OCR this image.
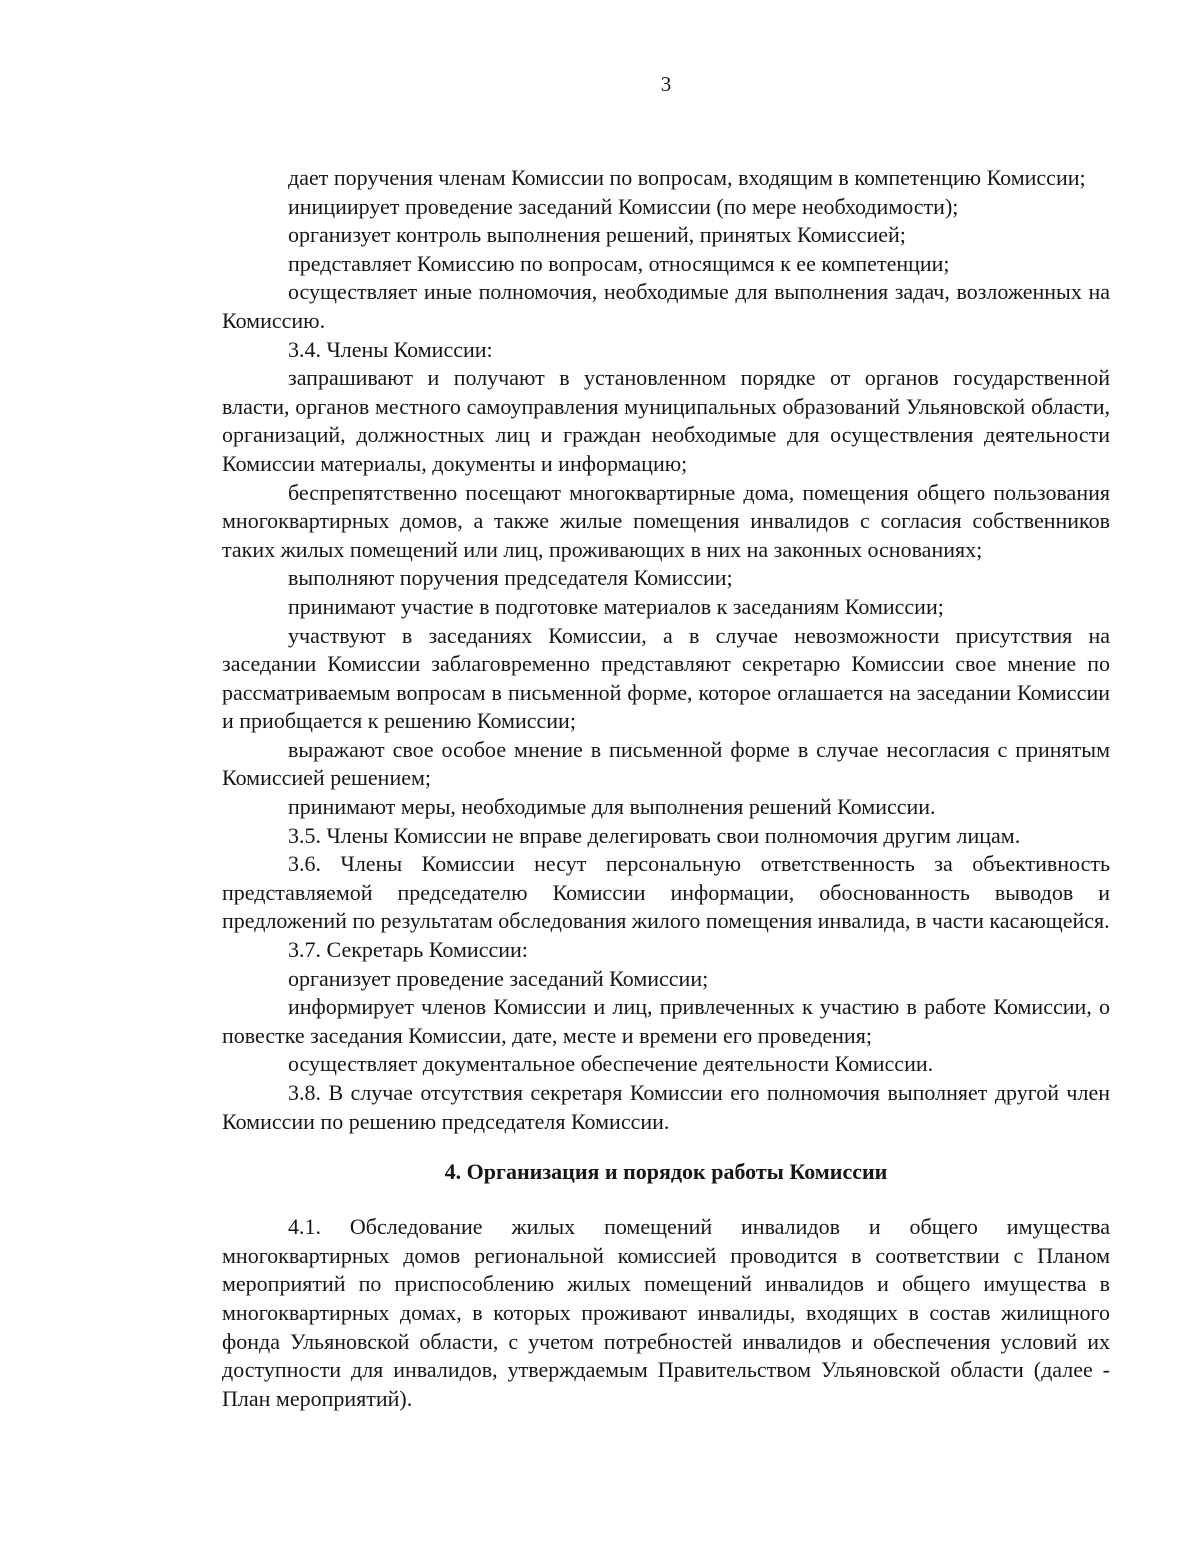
3

дает поручения членам Комиссии по вопросам, входящим в компетенцию Комиссии;

инициирует проведение заседаний Комиссии (по мере необходимости);

организует контроль выполнения решений, принятых Комиссией;

представляет Комиссию по вопросам, относящимся к ее компетенции;

осуществляет иные полномочия, необходимые для выполнения задач, возложенных на Комиссию.

3.4. Члены Комиссии:

запрашивают и получают в установленном порядке от органов государственной власти, органов местного самоуправления муниципальных образований Ульяновской области, организаций, должностных лиц и граждан необходимые для осуществления деятельности Комиссии материалы, документы и информацию;

беспрепятственно посещают многоквартирные дома, помещения общего пользования многоквартирных домов, а также жилые помещения инвалидов с согласия собственников таких жилых помещений или лиц, проживающих в них на законных основаниях;

выполняют поручения председателя Комиссии;

принимают участие в подготовке материалов к заседаниям Комиссии;

участвуют в заседаниях Комиссии, а в случае невозможности присутствия на заседании Комиссии заблаговременно представляют секретарю Комиссии свое мнение по рассматриваемым вопросам в письменной форме, которое оглашается на заседании Комиссии и приобщается к решению Комиссии;

выражают свое особое мнение в письменной форме в случае несогласия с принятым Комиссией решением;

принимают меры, необходимые для выполнения решений Комиссии.

3.5. Члены Комиссии не вправе делегировать свои полномочия другим лицам.

3.6. Члены Комиссии несут персональную ответственность за объективность представляемой председателю Комиссии информации, обоснованность выводов и предложений по результатам обследования жилого помещения инвалида, в части касающейся.

3.7. Секретарь Комиссии:

организует проведение заседаний Комиссии;

информирует членов Комиссии и лиц, привлеченных к участию в работе Комиссии, о повестке заседания Комиссии, дате, месте и времени его проведения;

осуществляет документальное обеспечение деятельности Комиссии.

3.8. В случае отсутствия секретаря Комиссии его полномочия выполняет другой член Комиссии по решению председателя Комиссии.

4. Организация и порядок работы Комиссии

4.1. Обследование жилых помещений инвалидов и общего имущества многоквартирных домов региональной комиссией проводится в соответствии с Планом мероприятий по приспособлению жилых помещений инвалидов и общего имущества в многоквартирных домах, в которых проживают инвалиды, входящих в состав жилищного фонда Ульяновской области, с учетом потребностей инвалидов и обеспечения условий их доступности для инвалидов, утверждаемым Правительством Ульяновской области (далее - План мероприятий).
